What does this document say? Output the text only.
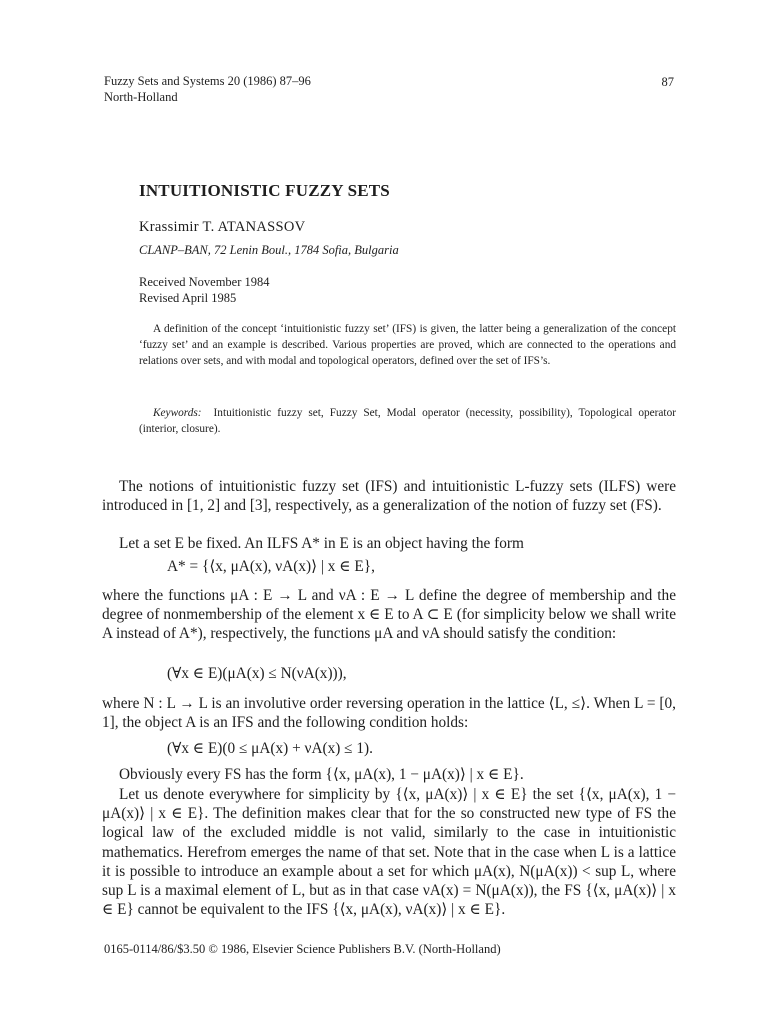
Fuzzy Sets and Systems 20 (1986) 87–96
North-Holland
87
INTUITIONISTIC FUZZY SETS
Krassimir T. ATANASSOV
CLANP–BAN, 72 Lenin Boul., 1784 Sofia, Bulgaria
Received November 1984
Revised April 1985

A definition of the concept ‘intuitionistic fuzzy set’ (IFS) is given, the latter being a generalization of the concept ‘fuzzy set’ and an example is described. Various properties are proved, which are connected to the operations and relations over sets, and with modal and topological operators, defined over the set of IFS’s.

Keywords: Intuitionistic fuzzy set, Fuzzy Set, Modal operator (necessity, possibility), Topological operator (interior, closure).

The notions of intuitionistic fuzzy set (IFS) and intuitionistic L-fuzzy sets (ILFS) were introduced in [1, 2] and [3], respectively, as a generalization of the notion of fuzzy set (FS).
Let a set E be fixed. An ILFS A* in E is an object having the form
A* = {⟨x, μA(x), νA(x)⟩ | x ∈ E},
where the functions μA : E → L and νA : E → L define the degree of membership and the degree of nonmembership of the element x ∈ E to A ⊂ E (for simplicity below we shall write A instead of A*), respectively, the functions μA and νA should satisfy the condition:
(∀x ∈ E)(μA(x) ≤ N(νA(x))),
where N : L → L is an involutive order reversing operation in the lattice ⟨L, ≤⟩. When L = [0, 1], the object A is an IFS and the following condition holds:
(∀x ∈ E)(0 ≤ μA(x) + νA(x) ≤ 1).
Obviously every FS has the form {⟨x, μA(x), 1 − μA(x)⟩ | x ∈ E}.
Let us denote everywhere for simplicity by {⟨x, μA(x)⟩ | x ∈ E} the set {⟨x, μA(x), 1 − μA(x)⟩ | x ∈ E}. The definition makes clear that for the so constructed new type of FS the logical law of the excluded middle is not valid, similarly to the case in intuitionistic mathematics. Herefrom emerges the name of that set. Note that in the case when L is a lattice it is possible to introduce an example about a set for which μA(x), N(μA(x)) < sup L, where sup L is a maximal element of L, but as in that case νA(x) = N(μA(x)), the FS {⟨x, μA(x)⟩ | x ∈ E} cannot be equivalent to the IFS {⟨x, μA(x), νA(x)⟩ | x ∈ E}.
0165-0114/86/$3.50 © 1986, Elsevier Science Publishers B.V. (North-Holland)
